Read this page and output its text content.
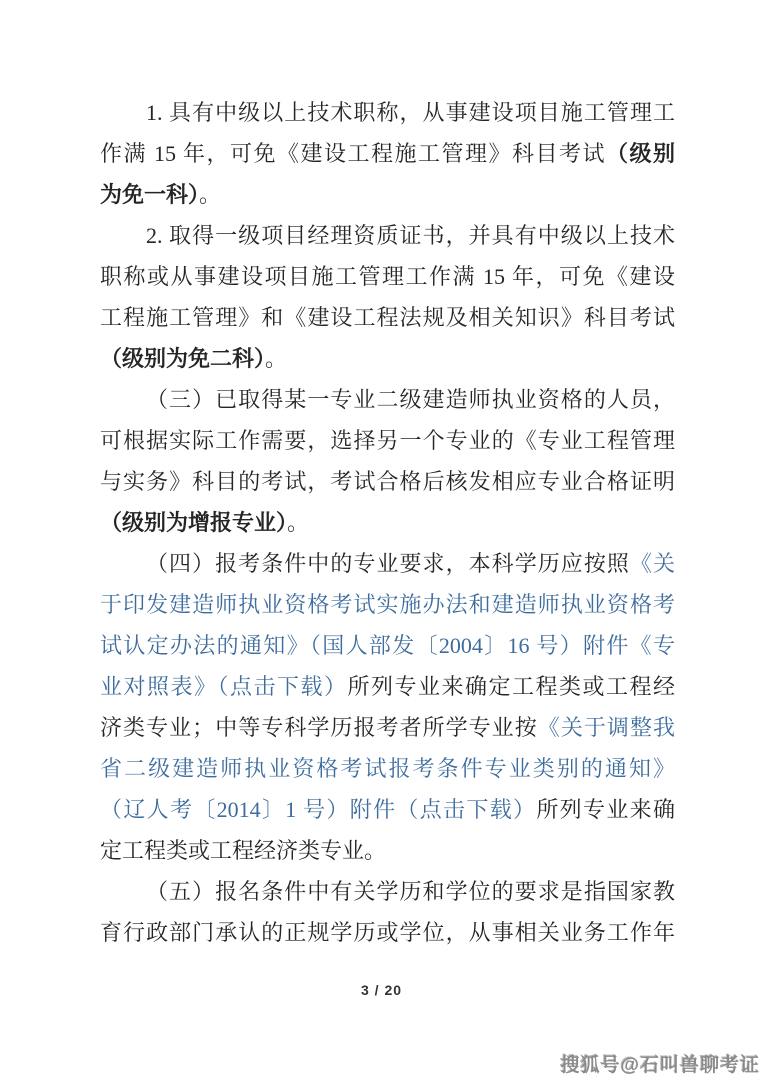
1. 具有中级以上技术职称，从事建设项目施工管理工
作满 15 年，可免《建设工程施工管理》科目考试（级别
为免一科）。
2. 取得一级项目经理资质证书，并具有中级以上技术
职称或从事建设项目施工管理工作满 15 年，可免《建设
工程施工管理》和《建设工程法规及相关知识》科目考试
（级别为免二科）。
（三）已取得某一专业二级建造师执业资格的人员，
可根据实际工作需要，选择另一个专业的《专业工程管理
与实务》科目的考试，考试合格后核发相应专业合格证明
（级别为增报专业）。
（四）报考条件中的专业要求，本科学历应按照《关
于印发建造师执业资格考试实施办法和建造师执业资格考
试认定办法的通知》（国人部发〔2004〕16 号）附件《专
业对照表》（点击下载）所列专业来确定工程类或工程经
济类专业；中等专科学历报考者所学专业按《关于调整我
省二级建造师执业资格考试报考条件专业类别的通知》
（辽人考〔2014〕1 号）附件（点击下载）所列专业来确
定工程类或工程经济类专业。
（五）报名条件中有关学历和学位的要求是指国家教
育行政部门承认的正规学历或学位，从事相关业务工作年
3 / 20
搜狐号@石叫兽聊考证
